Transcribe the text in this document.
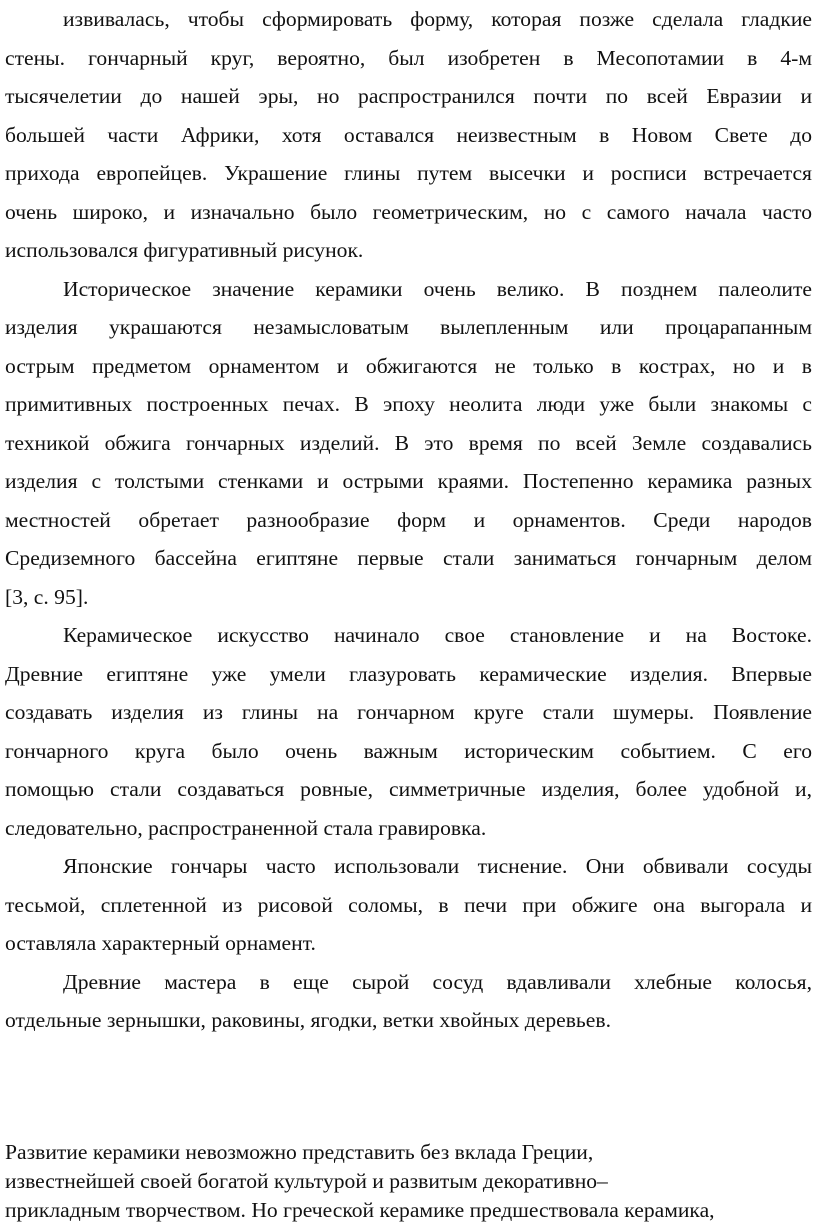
извивалась, чтобы сформировать форму, которая позже сделала гладкие
стены. гончарный круг, вероятно, был изобретен в Месопотамии в 4-м
тысячелетии до нашей эры, но распространился почти по всей Евразии и
большей части Африки, хотя оставался неизвестным в Новом Свете до
прихода европейцев. Украшение глины путем высечки и росписи встречается
очень широко, и изначально было геометрическим, но с самого начала часто
использовался фигуративный рисунок.
Историческое значение керамики очень велико. В позднем палеолите
изделия украшаются незамысловатым вылепленным или процарапанным
острым предметом орнаментом и обжигаются не только в кострах, но и в
примитивных построенных печах. В эпоху неолита люди уже были знакомы с
техникой обжига гончарных изделий. В это время по всей Земле создавались
изделия с толстыми стенками и острыми краями. Постепенно керамика разных
местностей обретает разнообразие форм и орнаментов. Среди народов
Средиземного бассейна египтяне первые стали заниматься гончарным делом
[3, с. 95].
Керамическое искусство начинало свое становление и на Востоке.
Древние египтяне уже умели глазуровать керамические изделия. Впервые
создавать изделия из глины на гончарном круге стали шумеры. Появление
гончарного круга было очень важным историческим событием. С его
помощью стали создаваться ровные, симметричные изделия, более удобной и,
следовательно, распространенной стала гравировка.
Японские гончары часто использовали тиснение. Они обвивали сосуды
тесьмой, сплетенной из рисовой соломы, в печи при обжиге она выгорала и
оставляла характерный орнамент.
Древние мастера в еще сырой сосуд вдавливали хлебные колосья,
отдельные зернышки, раковины, ягодки, ветки хвойных деревьев.
Развитие керамики невозможно представить без вклада Греции,
известнейшей своей богатой культурой и развитым декоративно–
прикладным творчеством. Но греческой керамике предшествовала керамика,
